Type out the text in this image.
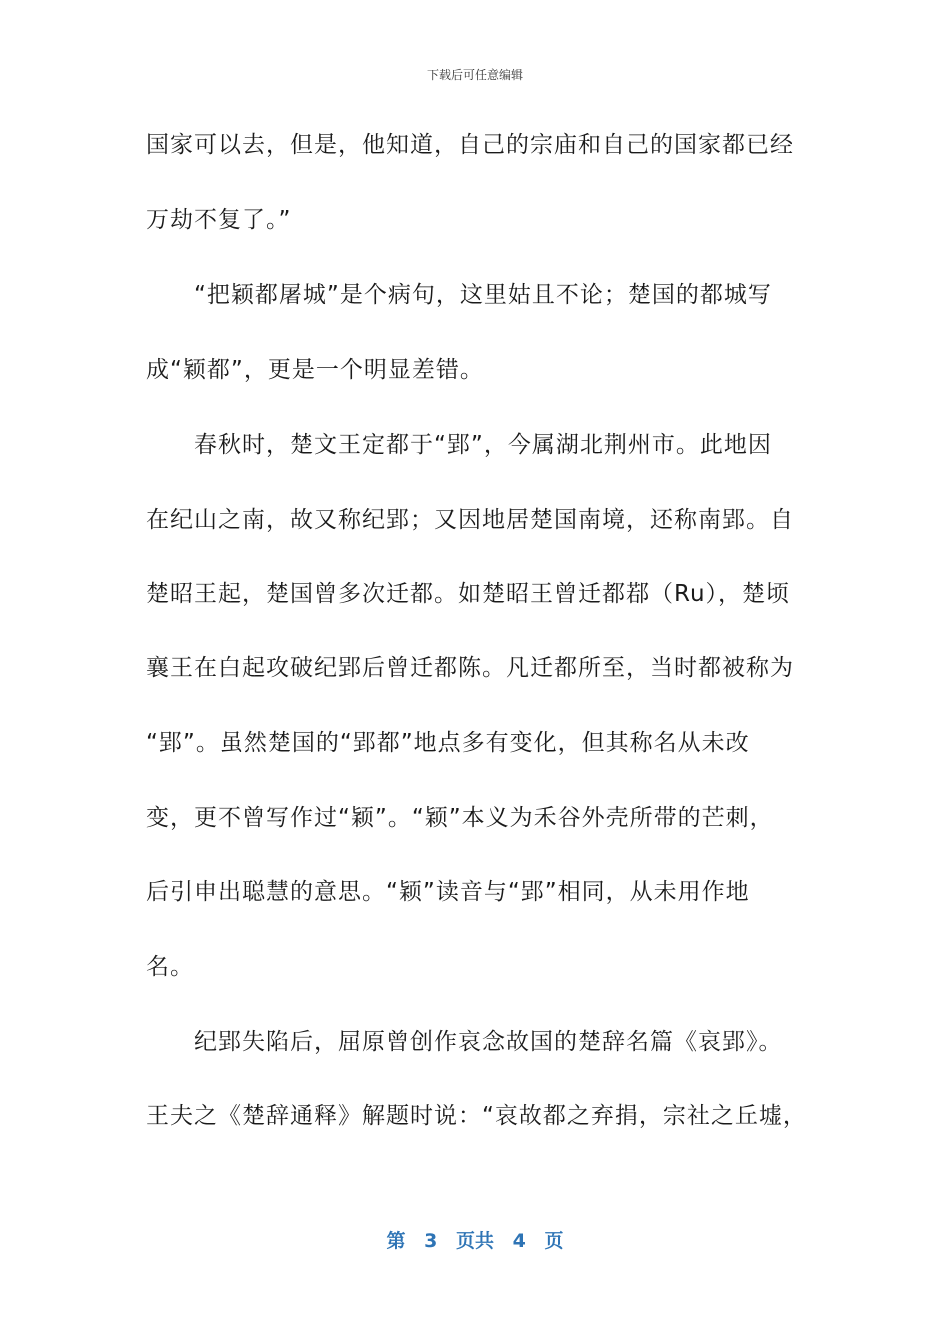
下载后可任意编辑
国家可以去，但是，他知道，自己的宗庙和自己的国家都已经
万劫不复了。”
　　“把颖都屠城”是个病句，这里姑且不论；楚国的都城写
成“颖都”，更是一个明显差错。
　　春秋时，楚文王定都于“郢”，今属湖北荆州市。此地因
在纪山之南，故又称纪郢；又因地居楚国南境，还称南郢。自
楚昭王起，楚国曾多次迁都。如楚昭王曾迁都鄀（Ru），楚顷
襄王在白起攻破纪郢后曾迁都陈。凡迁都所至，当时都被称为
“郢”。虽然楚国的“郢都”地点多有变化，但其称名从未改
变，更不曾写作过“颖”。“颖”本义为禾谷外壳所带的芒刺，
后引申出聪慧的意思。“颖”读音与“郢”相同，从未用作地
名。
　　纪郢失陷后，屈原曾创作哀念故国的楚辞名篇《哀郢》。
王夫之《楚辞通释》解题时说：“哀故都之弃捐，宗社之丘墟，
第 3 页共 4 页
